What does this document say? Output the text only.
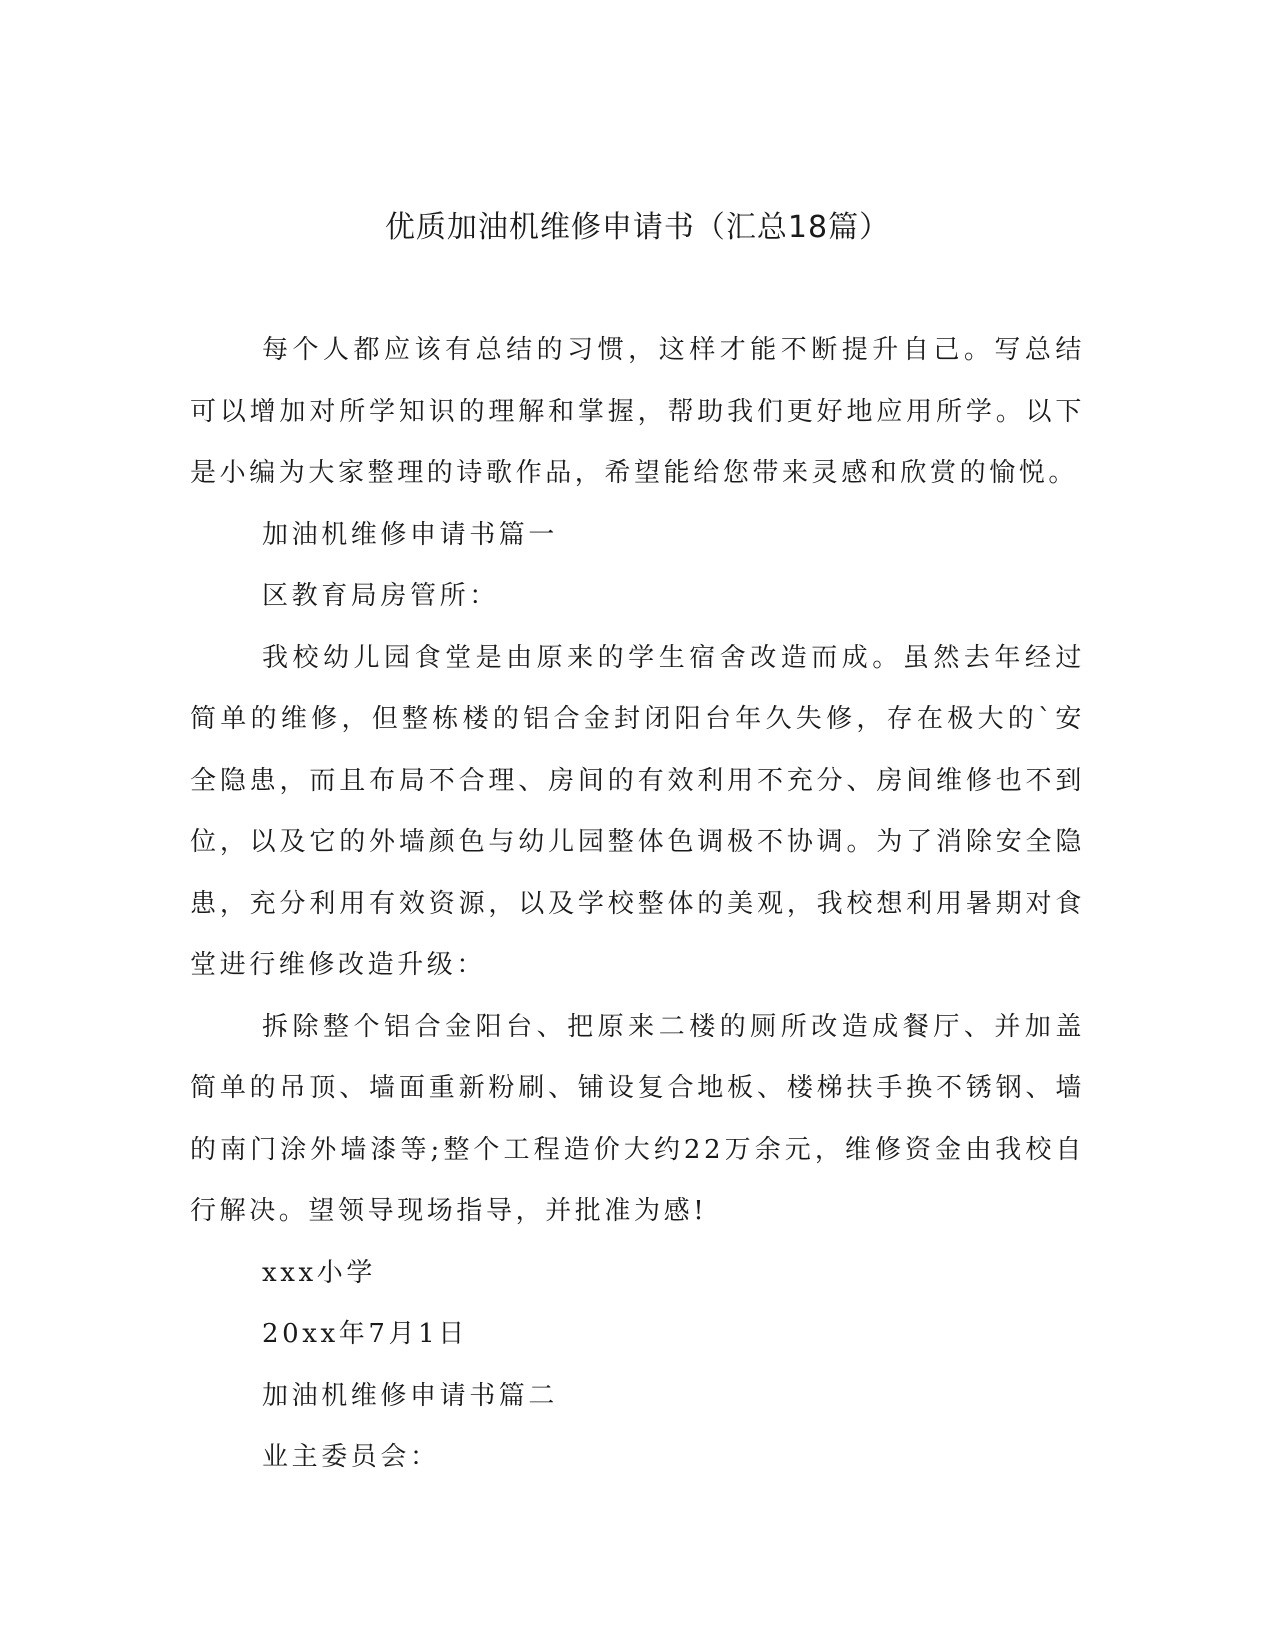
优质加油机维修申请书（汇总18篇）

每个人都应该有总结的习惯，这样才能不断提升自己。写总结可以增加对所学知识的理解和掌握，帮助我们更好地应用所学。以下是小编为大家整理的诗歌作品，希望能给您带来灵感和欣赏的愉悦。

加油机维修申请书篇一

区教育局房管所：

我校幼儿园食堂是由原来的学生宿舍改造而成。虽然去年经过简单的维修，但整栋楼的铝合金封闭阳台年久失修，存在极大的`安全隐患，而且布局不合理、房间的有效利用不充分、房间维修也不到位，以及它的外墙颜色与幼儿园整体色调极不协调。为了消除安全隐患，充分利用有效资源，以及学校整体的美观，我校想利用暑期对食堂进行维修改造升级：

拆除整个铝合金阳台、把原来二楼的厕所改造成餐厅、并加盖简单的吊顶、墙面重新粉刷、铺设复合地板、楼梯扶手换不锈钢、墙的南门涂外墙漆等;整个工程造价大约22万余元，维修资金由我校自行解决。望领导现场指导，并批准为感!

xxx小学

20xx年7月1日

加油机维修申请书篇二

业主委员会：
